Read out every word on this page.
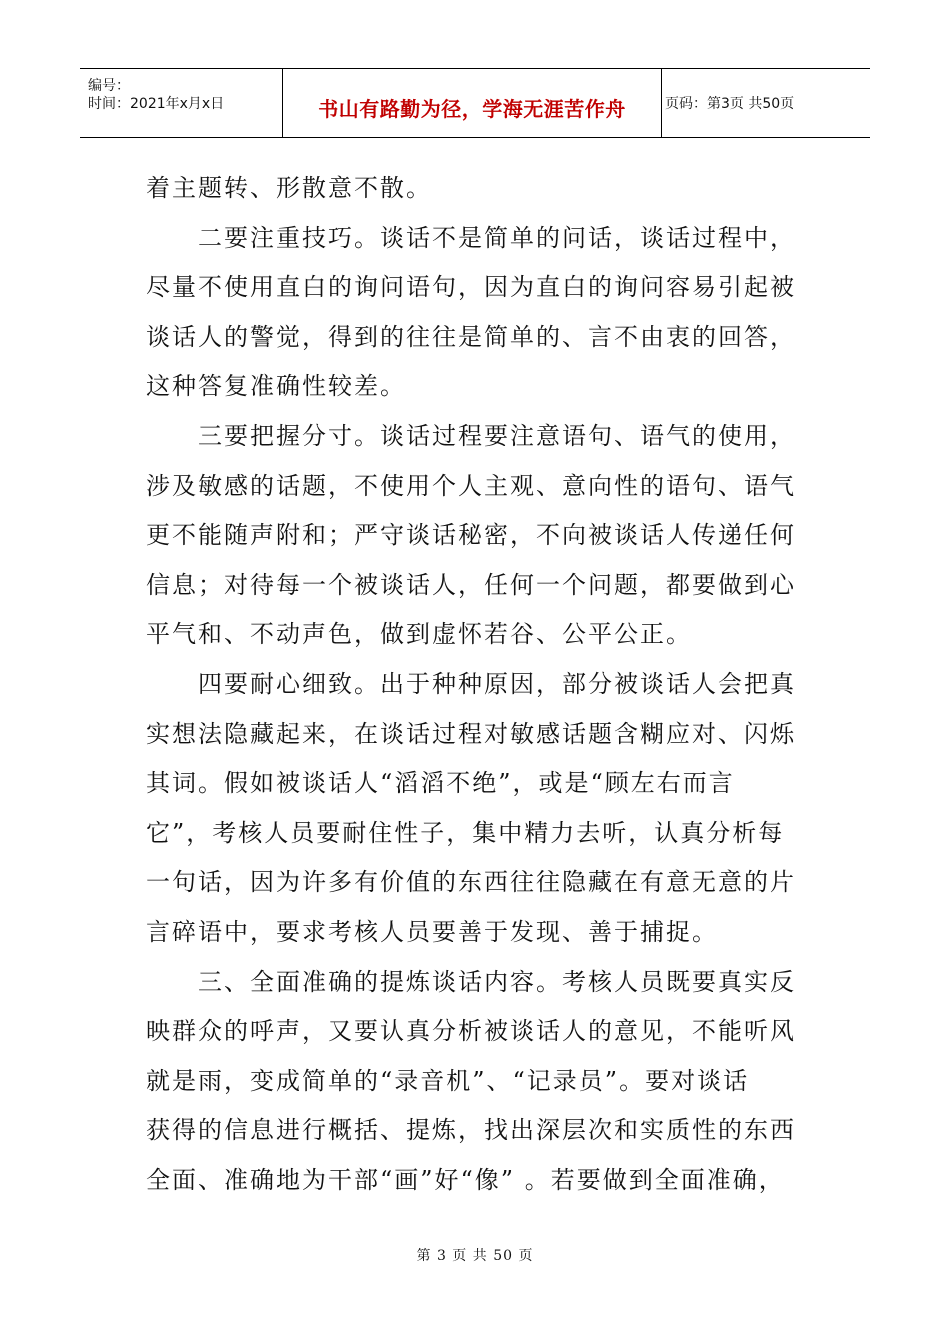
编号：
时间：2021年x月x日	书山有路勤为径，学海无涯苦作舟	页码：第3页 共50页
着主题转、形散意不散。
　　二要注重技巧。谈话不是简单的问话，谈话过程中，
尽量不使用直白的询问语句，因为直白的询问容易引起被
谈话人的警觉，得到的往往是简单的、言不由衷的回答，
这种答复准确性较差。
　　三要把握分寸。谈话过程要注意语句、语气的使用，
涉及敏感的话题，不使用个人主观、意向性的语句、语气
更不能随声附和；严守谈话秘密，不向被谈话人传递任何
信息；对待每一个被谈话人，任何一个问题，都要做到心
平气和、不动声色，做到虚怀若谷、公平公正。
　　四要耐心细致。出于种种原因，部分被谈话人会把真
实想法隐藏起来，在谈话过程对敏感话题含糊应对、闪烁
其词。假如被谈话人“滔滔不绝”，或是“顾左右而言
它”，考核人员要耐住性子，集中精力去听，认真分析每
一句话，因为许多有价值的东西往往隐藏在有意无意的片
言碎语中，要求考核人员要善于发现、善于捕捉。
　　三、全面准确的提炼谈话内容。考核人员既要真实反
映群众的呼声，又要认真分析被谈话人的意见，不能听风
就是雨，变成简单的“录音机”、“记录员”。要对谈话
获得的信息进行概括、提炼，找出深层次和实质性的东西
全面、准确地为干部“画”好“像” 。若要做到全面准确，
第 3 页 共 50 页
